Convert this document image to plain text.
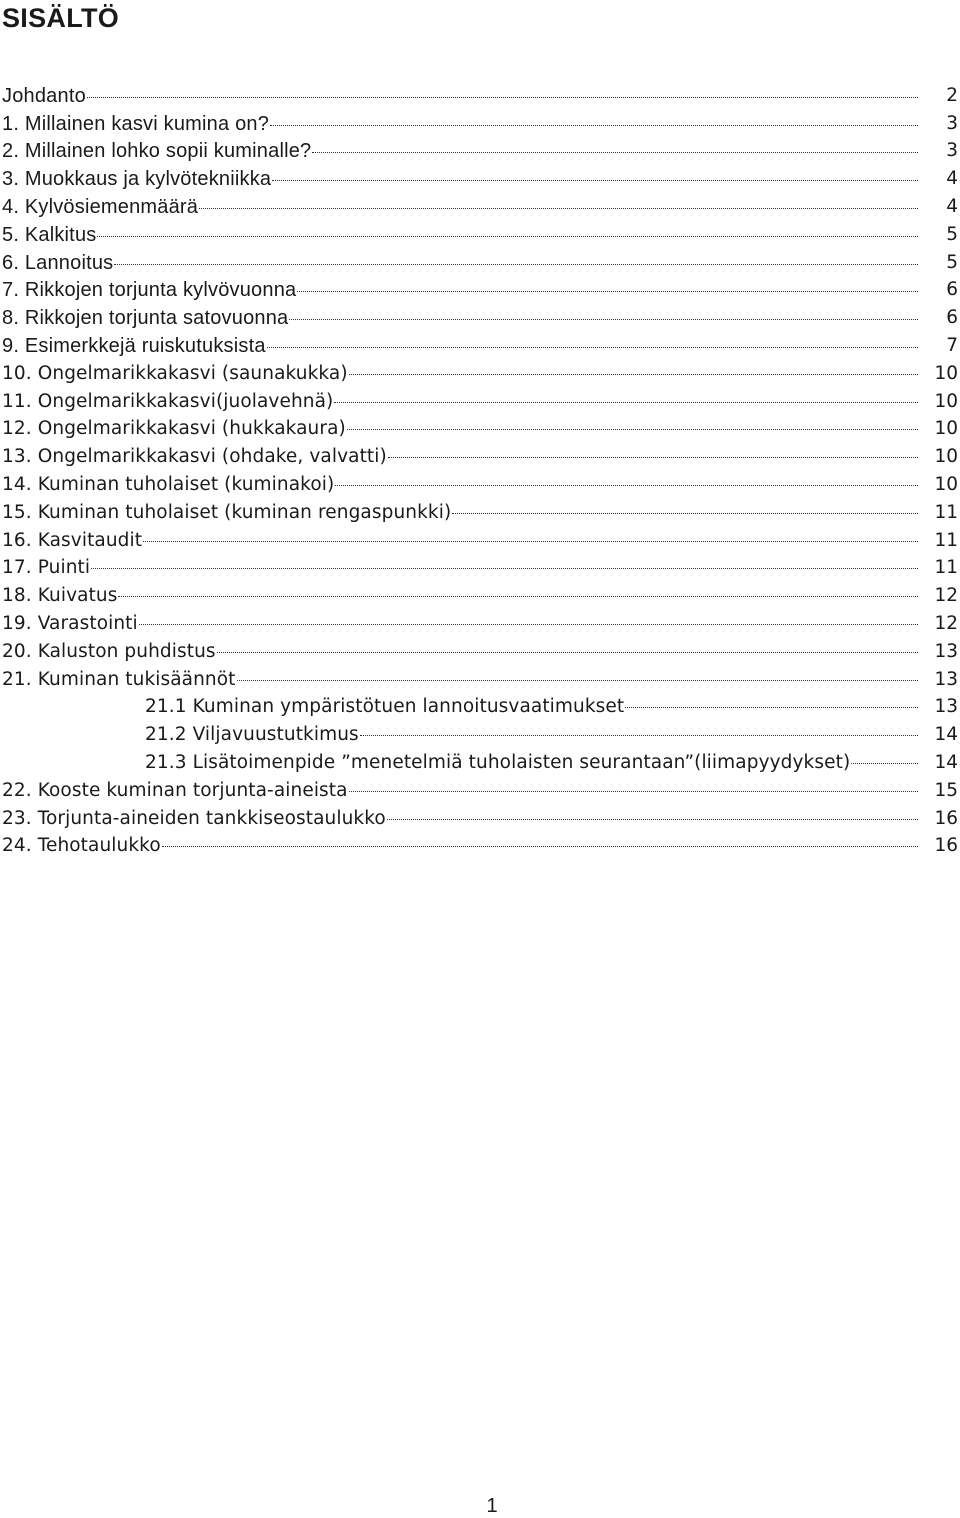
SISÄLTÖ
Johdanto	2
1. Millainen kasvi kumina on?	3
2. Millainen lohko sopii kuminalle?	3
3. Muokkaus ja kylvötekniikka	4
4. Kylvösiemenmäärä	4
5. Kalkitus	5
6. Lannoitus	5
7. Rikkojen torjunta kylvövuonna	6
8. Rikkojen torjunta satovuonna	6
9. Esimerkkejä ruiskutuksista	7
10. Ongelmarikkakasvi (saunakukka)	10
11. Ongelmarikkakasvi(juolavehnä)	10
12. Ongelmarikkakasvi (hukkakaura)	10
13. Ongelmarikkakasvi (ohdake, valvatti)	10
14. Kuminan tuholaiset (kuminakoi)	10
15. Kuminan tuholaiset (kuminan rengaspunkki)	11
16. Kasvitaudit	11
17. Puinti	11
18. Kuivatus	12
19. Varastointi	12
20. Kaluston puhdistus	13
21. Kuminan tukisäännöt	13
21.1 Kuminan ympäristötuen lannoitusvaatimukset	13
21.2 Viljavuustutkimus	14
21.3 Lisätoimenpide ”menetelmiä tuholaisten seurantaan”(liimapyydykset)	14
22. Kooste kuminan torjunta-aineista	15
23. Torjunta-aineiden tankkiseostaulukko	16
24. Tehotaulukko	16
1
